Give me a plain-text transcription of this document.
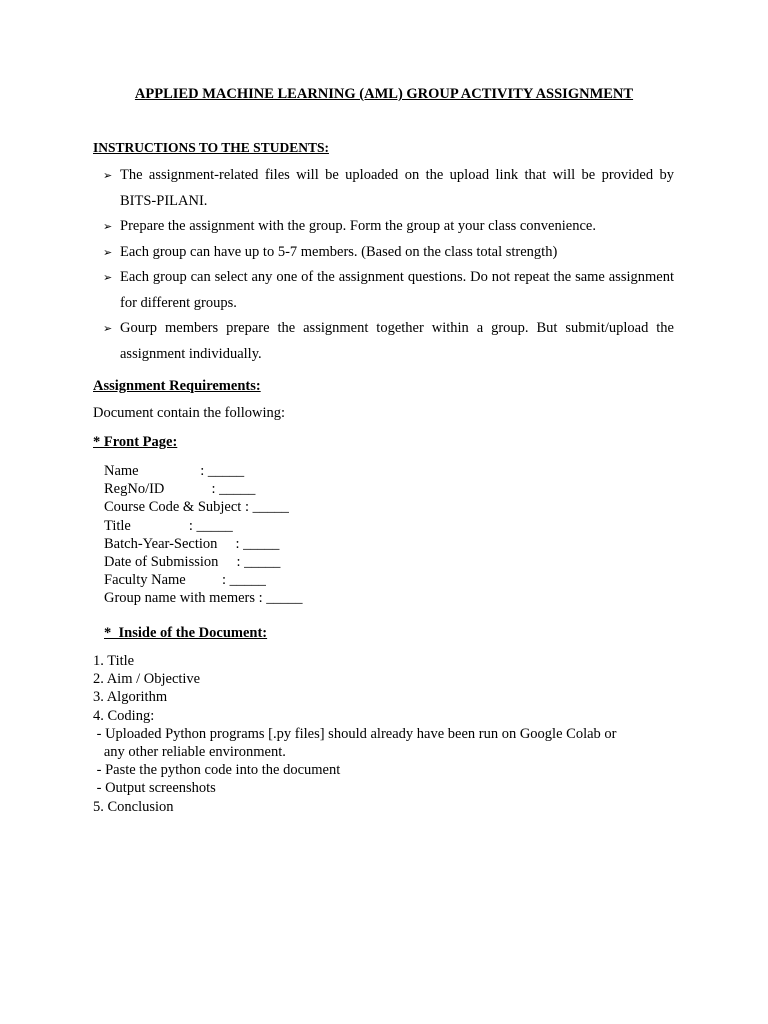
APPLIED MACHINE LEARNING (AML) GROUP ACTIVITY ASSIGNMENT
INSTRUCTIONS TO THE STUDENTS:
➢ The assignment-related files will be uploaded on the upload link that will be provided by BITS-PILANI.
➢ Prepare the assignment with the group. Form the group at your class convenience.
➢ Each group can have up to 5-7 members. (Based on the class total strength)
➢ Each group can select any one of the assignment questions. Do not repeat the same assignment for different groups.
➢ Gourp members prepare the assignment together within a group. But submit/upload the assignment individually.
Assignment Requirements:
Document contain the following:
* Front Page:
Name                 : _____
RegNo/ID             : _____
Course Code & Subject : _____
Title                : _____
Batch-Year-Section     : _____
Date of Submission     : _____
Faculty Name          : _____
Group name with memers : _____
*  Inside of the Document:
1. Title
2. Aim / Objective
3. Algorithm
4. Coding:
- Uploaded Python programs [.py files] should already have been run on Google Colab or
any other reliable environment.
- Paste the python code into the document
- Output screenshots
5. Conclusion
